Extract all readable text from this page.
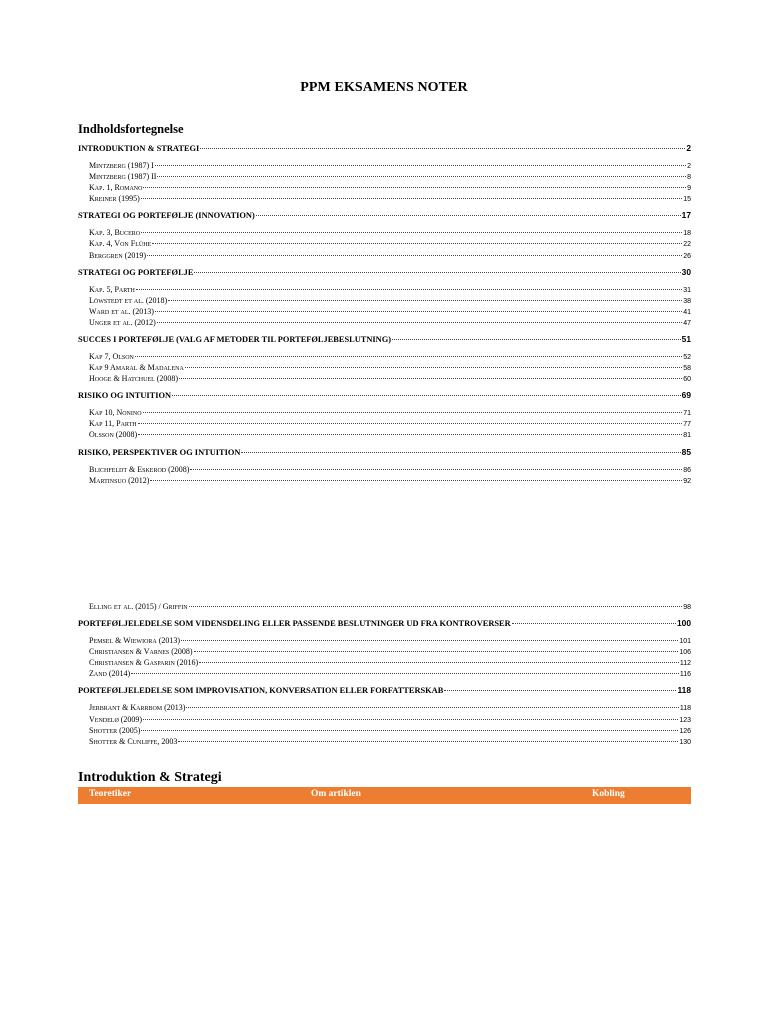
PPM EKSAMENS NOTER
Indholdsfortegnelse
INTRODUKTION & STRATEGI	2
Mintzberg (1987) I	2
Mintzberg (1987) II	8
Kap. 1, Romano	9
Kreiner (1995)	15
STRATEGI OG PORTEFØLJE (INNOVATION)	17
Kap. 3, Bucero	18
Kap. 4, Von Flühe	22
Berggren (2019)	26
STRATEGI OG PORTEFØLJE	30
Kap. 5, Parth	31
Löwstedt et al. (2018)	38
Ward et al. (2013)	41
Unger et al. (2012)	47
SUCCES I PORTEFØLJE (VALG AF METODER TIL PORTEFØLJEBESLUTNING)	51
Kap 7, Olson	52
Kap 9 Amaral & Madalena	58
Hooge & Hatchuel (2008)	60
RISIKO OG INTUITION	69
Kap 10, Nonino	71
Kap 11, Parth	77
Olsson (2008)	81
RISIKO, PERSPEKTIVER OG INTUITION	85
Blichfeldt & Eskerod (2008)	86
Martinsuo (2012)	92
Elling et al. (2015) / Griffin	98
PORTEFØLJELEDELSE SOM VIDENSDELING ELLER PASSENDE BESLUTNINGER UD FRA KONTROVERSER	100
Pemsel & Wiewiora (2013)	101
Christiansen & Varnes (2008)	106
Christiansen & Gasparin (2016)	112
Zand (2014)	116
PORTEFØLJELEDELSE SOM IMPROVISATION, KONVERSATION ELLER FORFATTERSKAB	118
Jerbrant & Karrbom (2013)	118
Vendelø (2009)	123
Shotter (2005)	126
Shotter & Cunliffe, 2003	130
Introduktion & Strategi
Teoretiker	Om artiklen	Kobling
